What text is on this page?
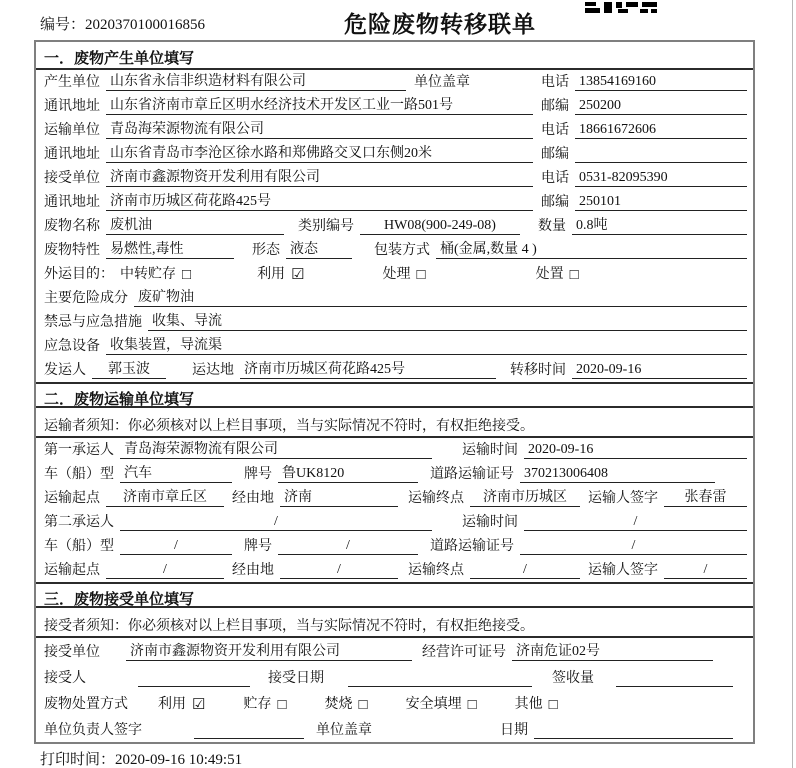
编号：2020370100016856	危险废物转移联单
一．废物产生单位填写
产生单位 山东省永信非织造材料有限公司	单位盖章	电话 13854169160
通讯地址 山东省济南市章丘区明水经济技术开发区工业一路501号	邮编 250200
运输单位 青岛海荣源物流有限公司	电话 18661672606
通讯地址 山东省青岛市李沧区徐水路和郑佛路交叉口东侧20米	邮编
接受单位 济南市鑫源物资开发利用有限公司	电话 0531-82095390
通讯地址 济南市历城区荷花路425号	邮编 250101
废物名称 废机油	类别编号	HW08(900-249-08)	数量 0.8吨
废物特性 易燃性,毒性	形态 液态	包装方式 桶(金属,数量 4 )
外运目的： 中转贮存 □	利用 ☑	处理 □	处置 □
主要危险成分 废矿物油
禁忌与应急措施 收集、导流
应急设备 收集装置，导流渠
发运人	郭玉波	运达地 济南市历城区荷花路425号	转移时间 2020-09-16
二．废物运输单位填写
运输者须知：你必须核对以上栏目事项，当与实际情况不符时，有权拒绝接受。
第一承运人 青岛海荣源物流有限公司	运输时间 2020-09-16
车（船）型 汽车	牌号 鲁UK8120	道路运输证号 370213006408
运输起点	济南市章丘区	经由地 济南	运输终点	济南市历城区	运输人签字	张春雷
第二承运人	/	运输时间	/
车（船）型	/	牌号	/	道路运输证号	/
运输起点	/	经由地	/	运输终点	/	运输人签字	/
三．废物接受单位填写
接受者须知：你必须核对以上栏目事项，当与实际情况不符时，有权拒绝接受。
接受单位 济南市鑫源物资开发利用有限公司	经营许可证号 济南危证02号
接受人	接受日期	签收量
废物处置方式 利用 ☑	贮存 □	焚烧 □	安全填埋 □	其他 □
单位负责人签字	单位盖章	日期
打印时间：2020-09-16 10:49:51
